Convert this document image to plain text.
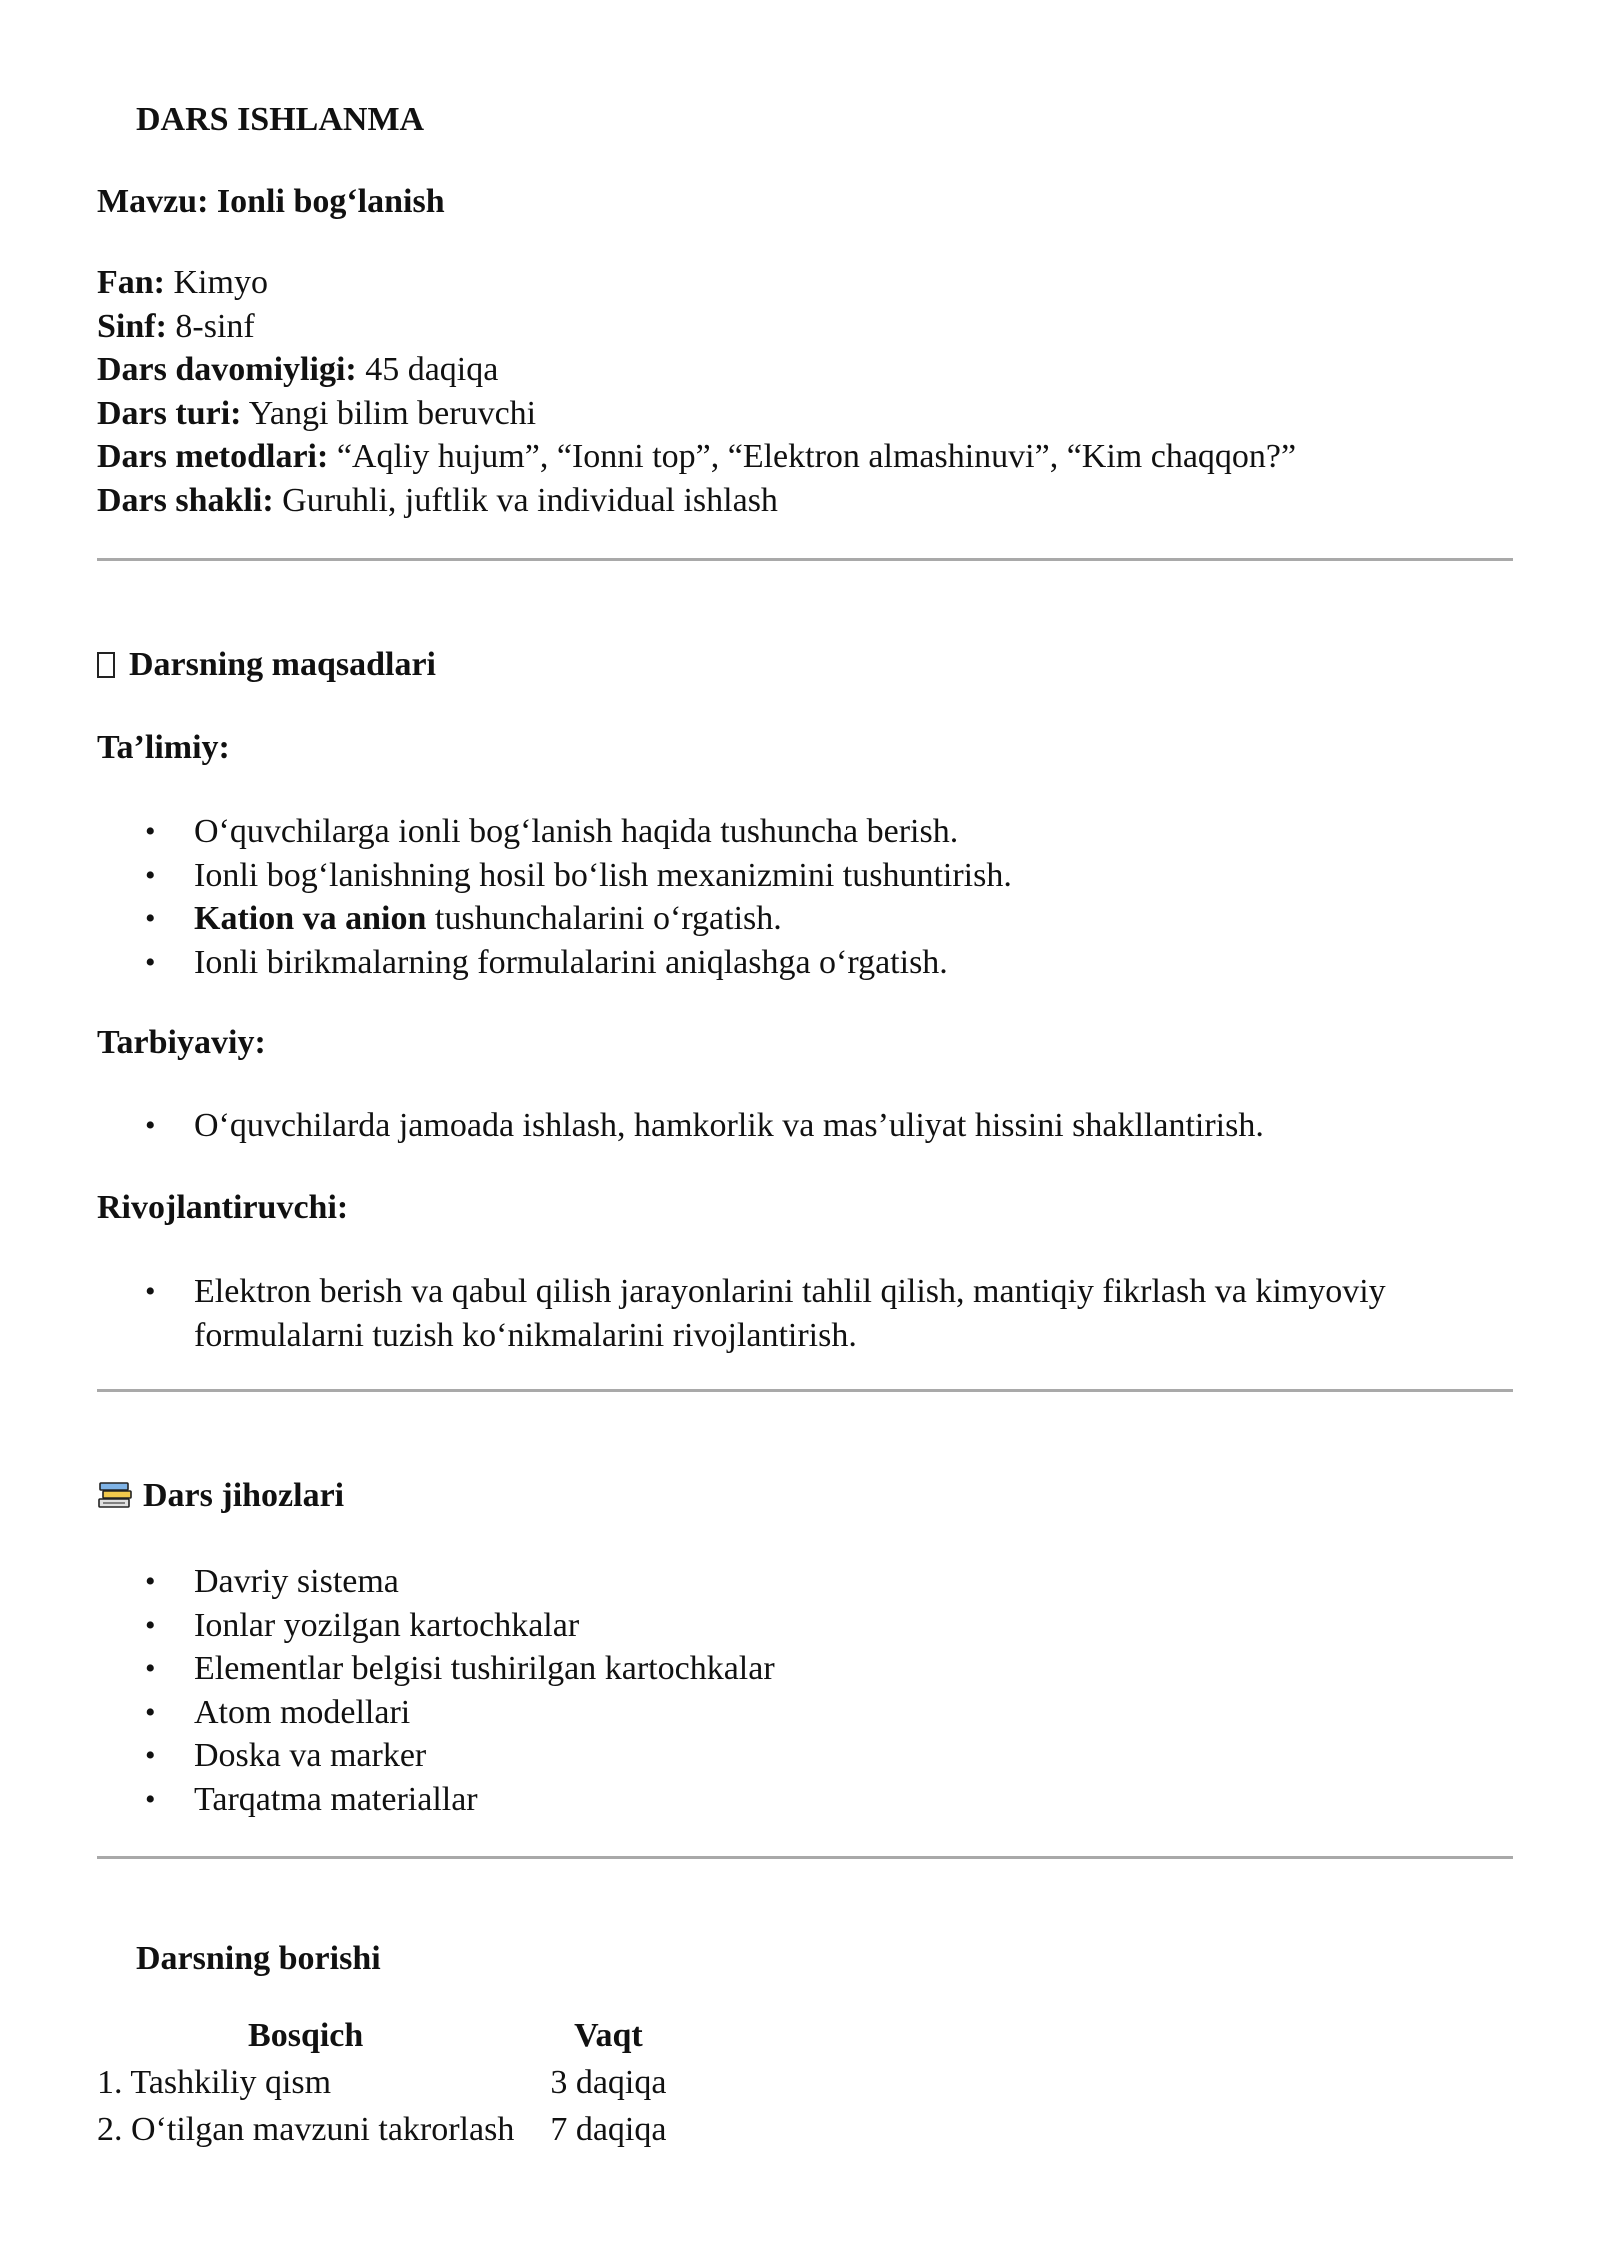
DARS ISHLANMA
Mavzu: Ionli bog‘lanish
Fan: Kimyo
Sinf: 8-sinf
Dars davomiyligi: 45 daqiqa
Dars turi: Yangi bilim beruvchi
Dars metodlari: “Aqliy hujum”, “Ionni top”, “Elektron almashinuvi”, “Kim chaqqon?”
Dars shakli: Guruhli, juftlik va individual ishlash
Darsning maqsadlari
Ta’limiy:
• O‘quvchilarga ionli bog‘lanish haqida tushuncha berish.
• Ionli bog‘lanishning hosil bo‘lish mexanizmini tushuntirish.
• Kation va anion tushunchalarini o‘rgatish.
• Ionli birikmalarning formulalarini aniqlashga o‘rgatish.
Tarbiyaviy:
• O‘quvchilarda jamoada ishlash, hamkorlik va mas’uliyat hissini shakllantirish.
Rivojlantiruvchi:
• Elektron berish va qabul qilish jarayonlarini tahlil qilish, mantiqiy fikrlash va kimyoviy formulalarni tuzish ko‘nikmalarini rivojlantirish.
Dars jihozlari
• Davriy sistema
• Ionlar yozilgan kartochkalar
• Elementlar belgisi tushirilgan kartochkalar
• Atom modellari
• Doska va marker
• Tarqatma materiallar
Darsning borishi
Bosqich	Vaqt
1. Tashkiliy qism	3 daqiqa
2. O‘tilgan mavzuni takrorlash	7 daqiqa
